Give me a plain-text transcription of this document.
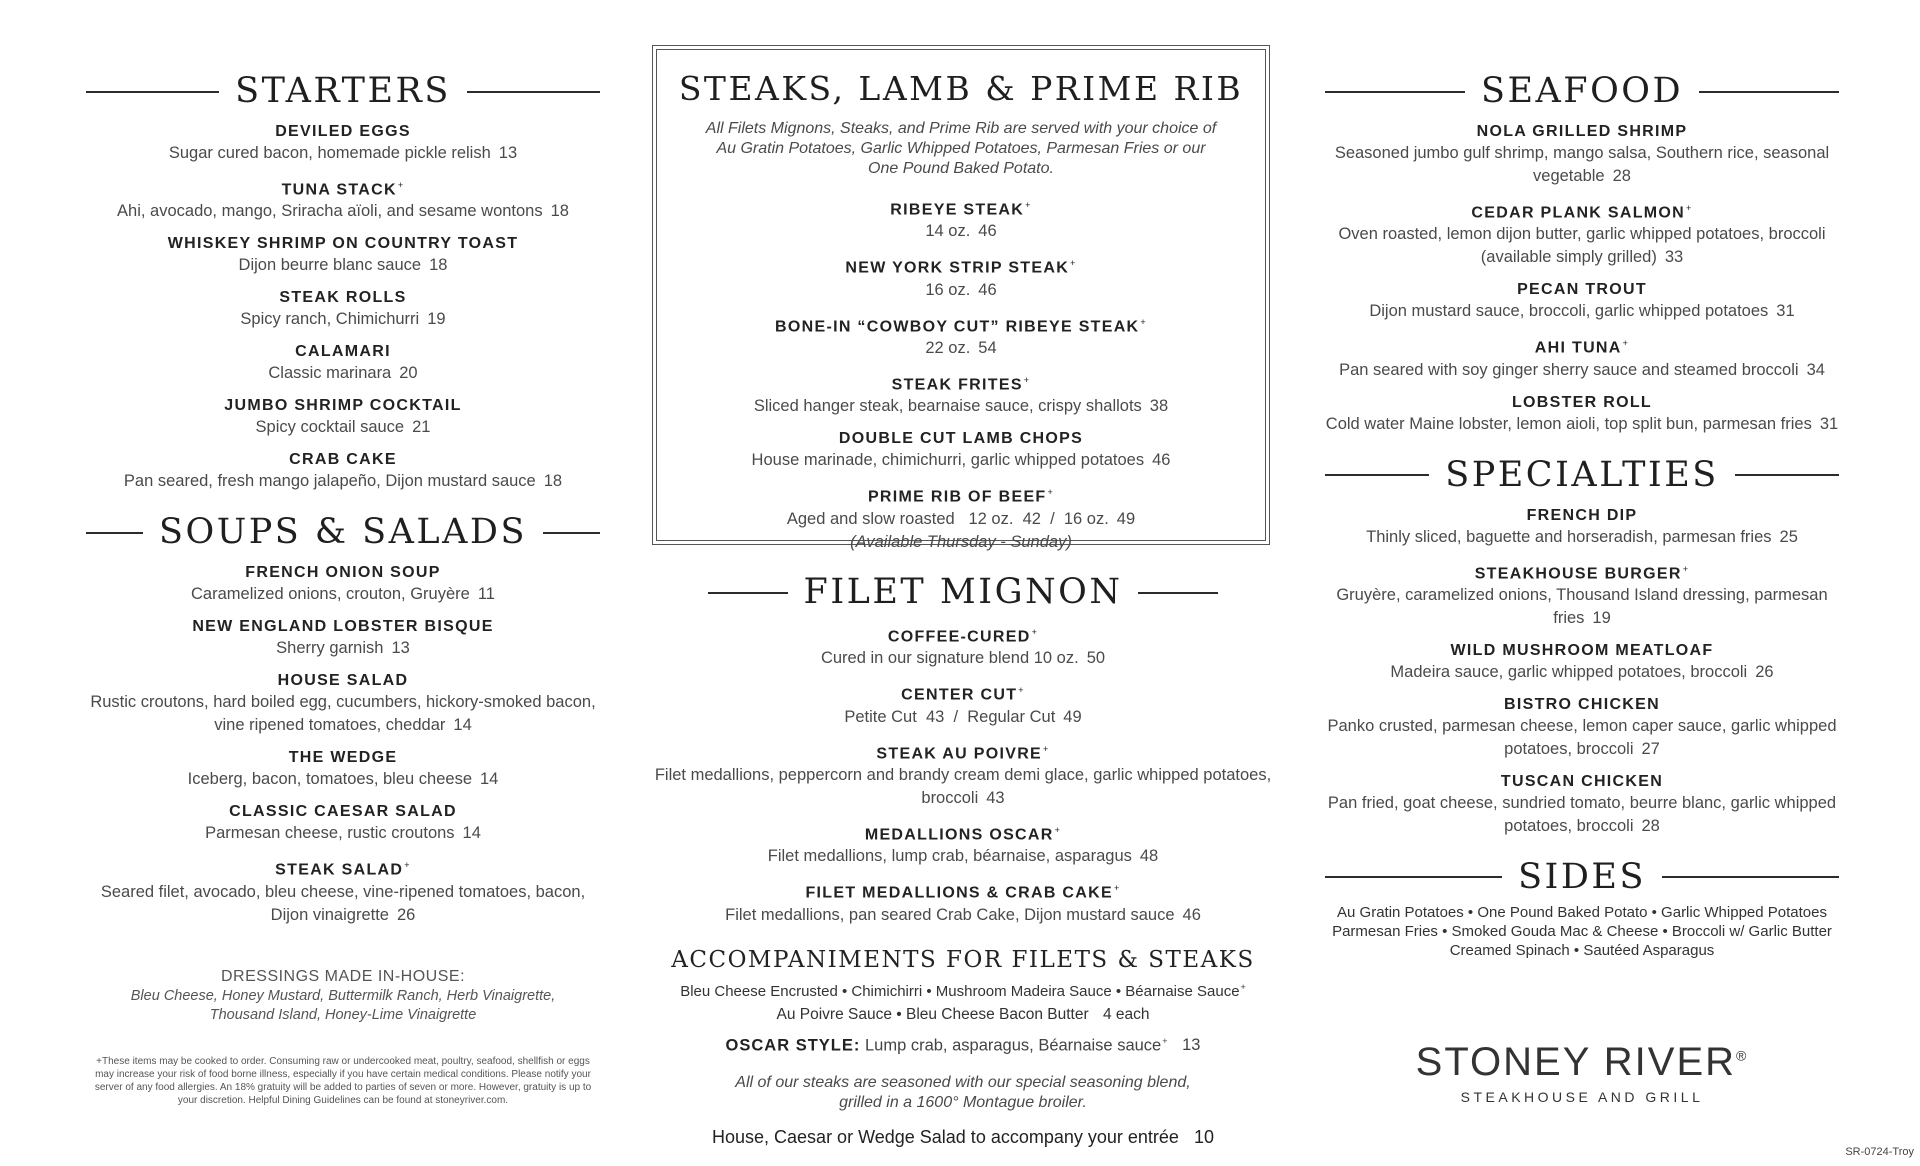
STARTERS
DEVILED EGGS
Sugar cured bacon, homemade pickle relish 13
TUNA STACK+
Ahi, avocado, mango, Sriracha aïoli, and sesame wontons 18
WHISKEY SHRIMP ON COUNTRY TOAST
Dijon beurre blanc sauce 18
STEAK ROLLS
Spicy ranch, Chimichurri 19
CALAMARI
Classic marinara 20
JUMBO SHRIMP COCKTAIL
Spicy cocktail sauce 21
CRAB CAKE
Pan seared, fresh mango jalapeño, Dijon mustard sauce 18
SOUPS & SALADS
FRENCH ONION SOUP
Caramelized onions, crouton, Gruyère 11
NEW ENGLAND LOBSTER BISQUE
Sherry garnish 13
HOUSE SALAD
Rustic croutons, hard boiled egg, cucumbers, hickory-smoked bacon, vine ripened tomatoes, cheddar 14
THE WEDGE
Iceberg, bacon, tomatoes, bleu cheese 14
CLASSIC CAESAR SALAD
Parmesan cheese, rustic croutons 14
STEAK SALAD+
Seared filet, avocado, bleu cheese, vine-ripened tomatoes, bacon, Dijon vinaigrette 26
DRESSINGS MADE IN-HOUSE:
Bleu Cheese, Honey Mustard, Buttermilk Ranch, Herb Vinaigrette,
Thousand Island, Honey-Lime Vinaigrette
+These items may be cooked to order. Consuming raw or undercooked meat, poultry, seafood, shellfish or eggs may increase your risk of food borne illness, especially if you have certain medical conditions. Please notify your server of any food allergies. An 18% gratuity will be added to parties of seven or more. However, gratuity is up to your discretion. Helpful Dining Guidelines can be found at stoneyriver.com.
STEAKS, LAMB & PRIME RIB
All Filets Mignons, Steaks, and Prime Rib are served with your choice of Au Gratin Potatoes, Garlic Whipped Potatoes, Parmesan Fries or our One Pound Baked Potato.
RIBEYE STEAK+
14 oz. 46
NEW YORK STRIP STEAK+
16 oz. 46
BONE-IN “COWBOY CUT” RIBEYE STEAK+
22 oz. 54
STEAK FRITES+
Sliced hanger steak, bearnaise sauce, crispy shallots 38
DOUBLE CUT LAMB CHOPS
House marinade, chimichurri, garlic whipped potatoes 46
PRIME RIB OF BEEF+
Aged and slow roasted   12 oz.  42  /  16 oz. 49
(Available Thursday - Sunday)
FILET MIGNON
COFFEE-CURED+
Cured in our signature blend 10 oz. 50
CENTER CUT+
Petite Cut  43  /  Regular Cut 49
STEAK AU POIVRE+
Filet medallions, peppercorn and brandy cream demi glace, garlic whipped potatoes, broccoli 43
MEDALLIONS OSCAR+
Filet medallions, lump crab, béarnaise, asparagus 48
FILET MEDALLIONS & CRAB CAKE+
Filet medallions, pan seared Crab Cake, Dijon mustard sauce 46
ACCOMPANIMENTS FOR FILETS & STEAKS
Bleu Cheese Encrusted • Chimichirri • Mushroom Madeira Sauce • Béarnaise Sauce+
Au Poivre Sauce • Bleu Cheese Bacon Butter 4 each
OSCAR STYLE: Lump crab, asparagus, Béarnaise sauce+ 13
All of our steaks are seasoned with our special seasoning blend, grilled in a 1600° Montague broiler.
House, Caesar or Wedge Salad to accompany your entrée 10
SEAFOOD
NOLA GRILLED SHRIMP
Seasoned jumbo gulf shrimp, mango salsa, Southern rice, seasonal vegetable 28
CEDAR PLANK SALMON+
Oven roasted, lemon dijon butter, garlic whipped potatoes, broccoli (available simply grilled) 33
PECAN TROUT
Dijon mustard sauce, broccoli, garlic whipped potatoes 31
AHI TUNA+
Pan seared with soy ginger sherry sauce and steamed broccoli 34
LOBSTER ROLL
Cold water Maine lobster, lemon aioli, top split bun, parmesan fries 31
SPECIALTIES
FRENCH DIP
Thinly sliced, baguette and horseradish, parmesan fries 25
STEAKHOUSE BURGER+
Gruyère, caramelized onions, Thousand Island dressing, parmesan fries 19
WILD MUSHROOM MEATLOAF
Madeira sauce, garlic whipped potatoes, broccoli 26
BISTRO CHICKEN
Panko crusted, parmesan cheese, lemon caper sauce, garlic whipped potatoes, broccoli 27
TUSCAN CHICKEN
Pan fried, goat cheese, sundried tomato, beurre blanc, garlic whipped potatoes, broccoli 28
SIDES
Au Gratin Potatoes • One Pound Baked Potato • Garlic Whipped Potatoes
Parmesan Fries • Smoked Gouda Mac & Cheese • Broccoli w/ Garlic Butter
Creamed Spinach • Sautéed Asparagus
STONEY RIVER®
STEAKHOUSE AND GRILL
SR-0724-Troy
